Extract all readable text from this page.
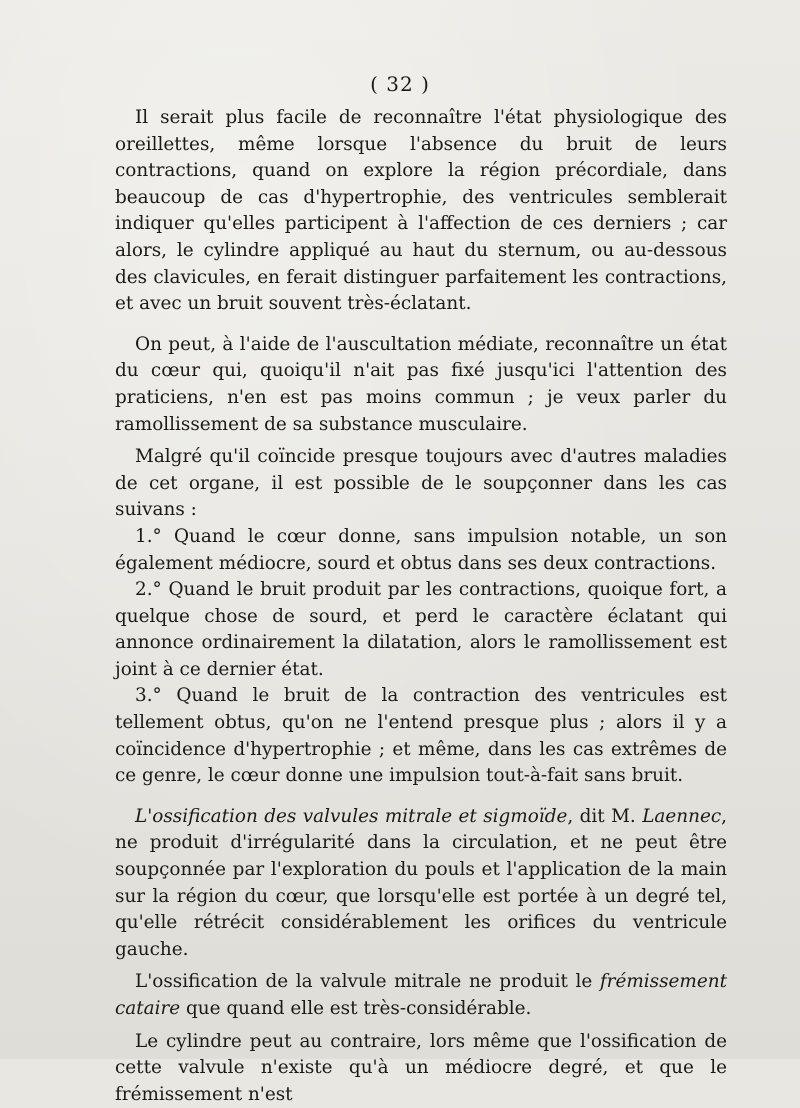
( 32 )

Il serait plus facile de reconnaître l'état physiologique des oreillettes, même lorsque l'absence du bruit de leurs contractions, quand on explore la région précordiale, dans beaucoup de cas d'hypertrophie, des ventricules semblerait indiquer qu'elles participent à l'affection de ces derniers ; car alors, le cylindre appliqué au haut du sternum, ou au-dessous des clavicules, en ferait distinguer parfaitement les contractions, et avec un bruit souvent très-éclatant.

On peut, à l'aide de l'auscultation médiate, reconnaître un état du cœur qui, quoiqu'il n'ait pas fixé jusqu'ici l'attention des praticiens, n'en est pas moins commun ; je veux parler du ramollissement de sa substance musculaire.

Malgré qu'il coïncide presque toujours avec d'autres maladies de cet organe, il est possible de le soupçonner dans les cas suivans :

1.° Quand le cœur donne, sans impulsion notable, un son également médiocre, sourd et obtus dans ses deux contractions.

2.° Quand le bruit produit par les contractions, quoique fort, a quelque chose de sourd, et perd le caractère éclatant qui annonce ordinairement la dilatation, alors le ramollissement est joint à ce dernier état.

3.° Quand le bruit de la contraction des ventricules est tellement obtus, qu'on ne l'entend presque plus ; alors il y a coïncidence d'hypertrophie ; et même, dans les cas extrêmes de ce genre, le cœur donne une impulsion tout-à-fait sans bruit.

L'ossification des valvules mitrale et sigmoïde, dit M. Laennec, ne produit d'irrégularité dans la circulation, et ne peut être soupçonnée par l'exploration du pouls et l'application de la main sur la région du cœur, que lorsqu'elle est portée à un degré tel, qu'elle rétrécit considérablement les orifices du ventricule gauche.

L'ossification de la valvule mitrale ne produit le frémissement cataire que quand elle est très-considérable.

Le cylindre peut au contraire, lors même que l'ossification de cette valvule n'existe qu'à un médiocre degré, et que le frémissement n'est
